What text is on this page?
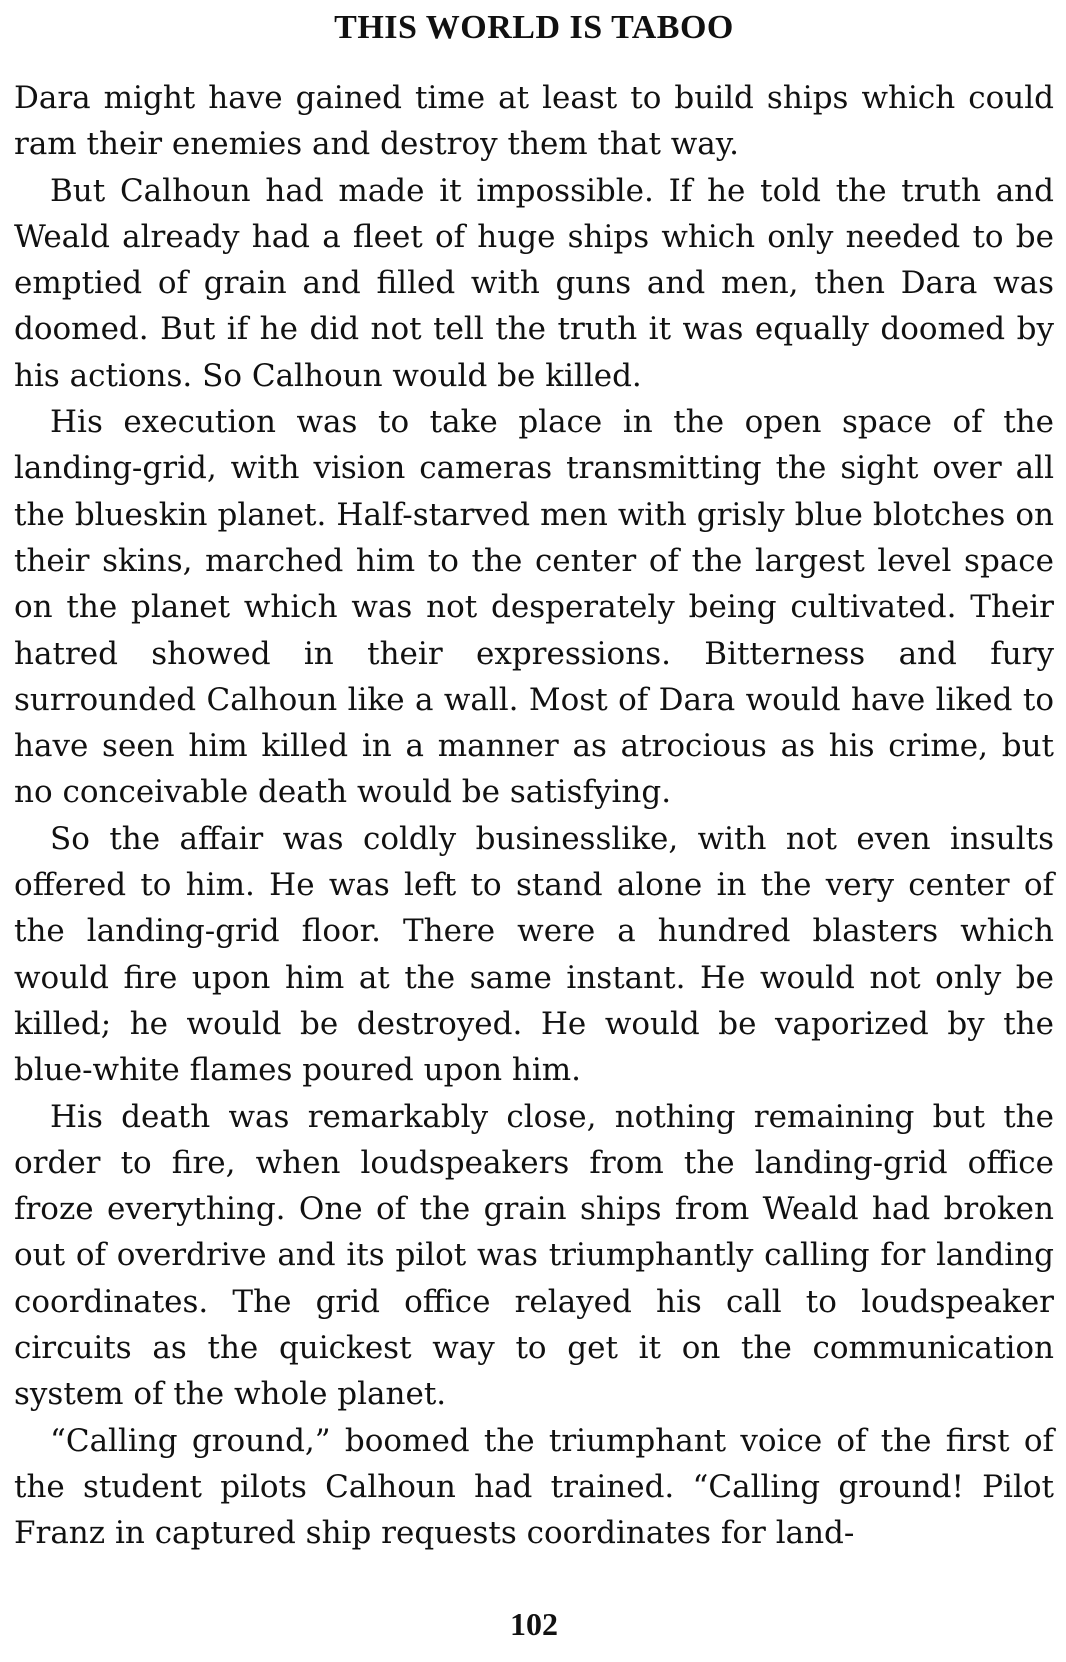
THIS WORLD IS TABOO

Dara might have gained time at least to build ships which could ram their enemies and destroy them that way.

But Calhoun had made it impossible. If he told the truth and Weald already had a fleet of huge ships which only needed to be emptied of grain and filled with guns and men, then Dara was doomed. But if he did not tell the truth it was equally doomed by his actions. So Calhoun would be killed.

His execution was to take place in the open space of the landing-grid, with vision cameras transmitting the sight over all the blueskin planet. Half-starved men with grisly blue blotches on their skins, marched him to the center of the largest level space on the planet which was not desperately being cultivated. Their hatred showed in their expressions. Bitterness and fury surrounded Calhoun like a wall. Most of Dara would have liked to have seen him killed in a manner as atrocious as his crime, but no conceivable death would be satisfying.

So the affair was coldly businesslike, with not even insults offered to him. He was left to stand alone in the very center of the landing-grid floor. There were a hundred blasters which would fire upon him at the same instant. He would not only be killed; he would be destroyed. He would be vaporized by the blue-white flames poured upon him.

His death was remarkably close, nothing remaining but the order to fire, when loudspeakers from the landing-grid office froze everything. One of the grain ships from Weald had broken out of overdrive and its pilot was triumphantly calling for landing coordinates. The grid office relayed his call to loudspeaker circuits as the quickest way to get it on the communication system of the whole planet.

“Calling ground,” boomed the triumphant voice of the first of the student pilots Calhoun had trained. “Calling ground! Pilot Franz in captured ship requests coordinates for land-

102
